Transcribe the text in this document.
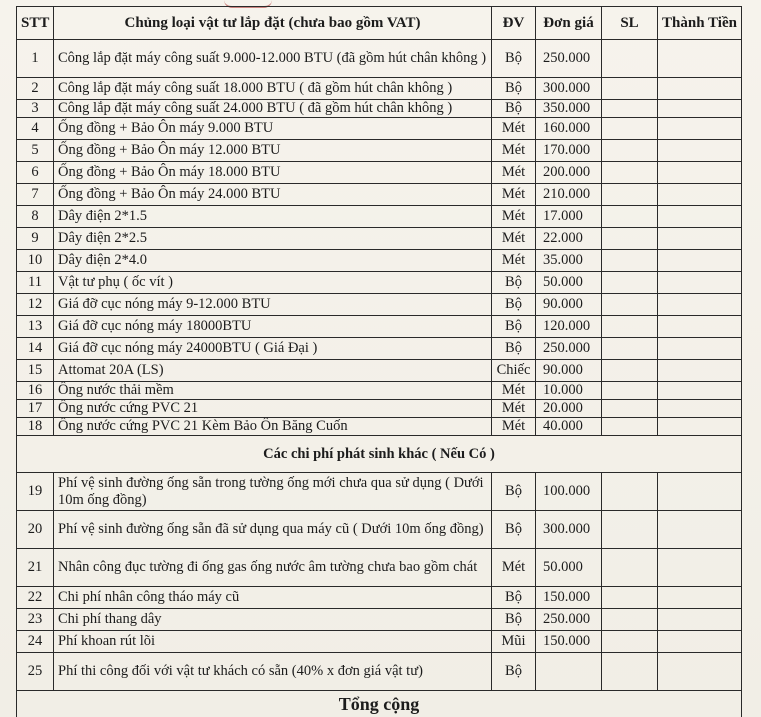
STT	Chủng loại vật tư lắp đặt (chưa bao gồm VAT)	ĐV	Đơn giá	SL	Thành Tiền
1	Công lắp đặt máy công suất 9.000-12.000 BTU (đã gồm hút chân không )	Bộ	250.000		
2	Công lắp đặt máy công suất 18.000 BTU ( đã gồm hút chân không )	Bộ	300.000		
3	Công lắp đặt máy công suất 24.000 BTU ( đã gồm hút chân không )	Bộ	350.000		
4	Ống đồng + Bảo Ôn máy 9.000 BTU	Mét	160.000		
5	Ống đồng + Bảo Ôn máy 12.000 BTU	Mét	170.000		
6	Ống đồng + Bảo Ôn máy 18.000 BTU	Mét	200.000		
7	Ống đồng + Bảo Ôn máy 24.000 BTU	Mét	210.000		
8	Dây điện 2*1.5	Mét	17.000		
9	Dây điện 2*2.5	Mét	22.000		
10	Dây điện 2*4.0	Mét	35.000		
11	Vật tư phụ ( ốc vít )	Bộ	50.000		
12	Giá đỡ cục nóng máy 9-12.000 BTU	Bộ	90.000		
13	Giá đỡ cục nóng máy 18000BTU	Bộ	120.000		
14	Giá đỡ cục nóng máy 24000BTU ( Giá Đại )	Bộ	250.000		
15	Attomat 20A (LS)	Chiếc	90.000		
16	Ống nước thải mềm	Mét	10.000		
17	Ống nước cứng PVC 21	Mét	20.000		
18	Ống nước cứng PVC 21 Kèm Bảo Ôn Băng Cuốn	Mét	40.000		
Các chi phí phát sinh khác ( Nếu Có )					
19	Phí vệ sinh đường ống sẵn trong tường ống mới chưa qua sử dụng ( Dưới 10m ống đồng)	Bộ	100.000		
20	Phí vệ sinh đường ống sẵn đã sử dụng qua máy cũ ( Dưới 10m ống đồng)	Bộ	300.000		
21	Nhân công đục tường đi ống gas ống nước âm tường chưa bao gồm chát	Mét	50.000		
22	Chi phí nhân công tháo máy cũ	Bộ	150.000		
23	Chi phí thang dây	Bộ	250.000		
24	Phí khoan rút lõi	Mũi	150.000		
25	Phí thi công đối với vật tư khách có sẵn (40% x đơn giá vật tư)	Bộ			
Tổng cộng					
